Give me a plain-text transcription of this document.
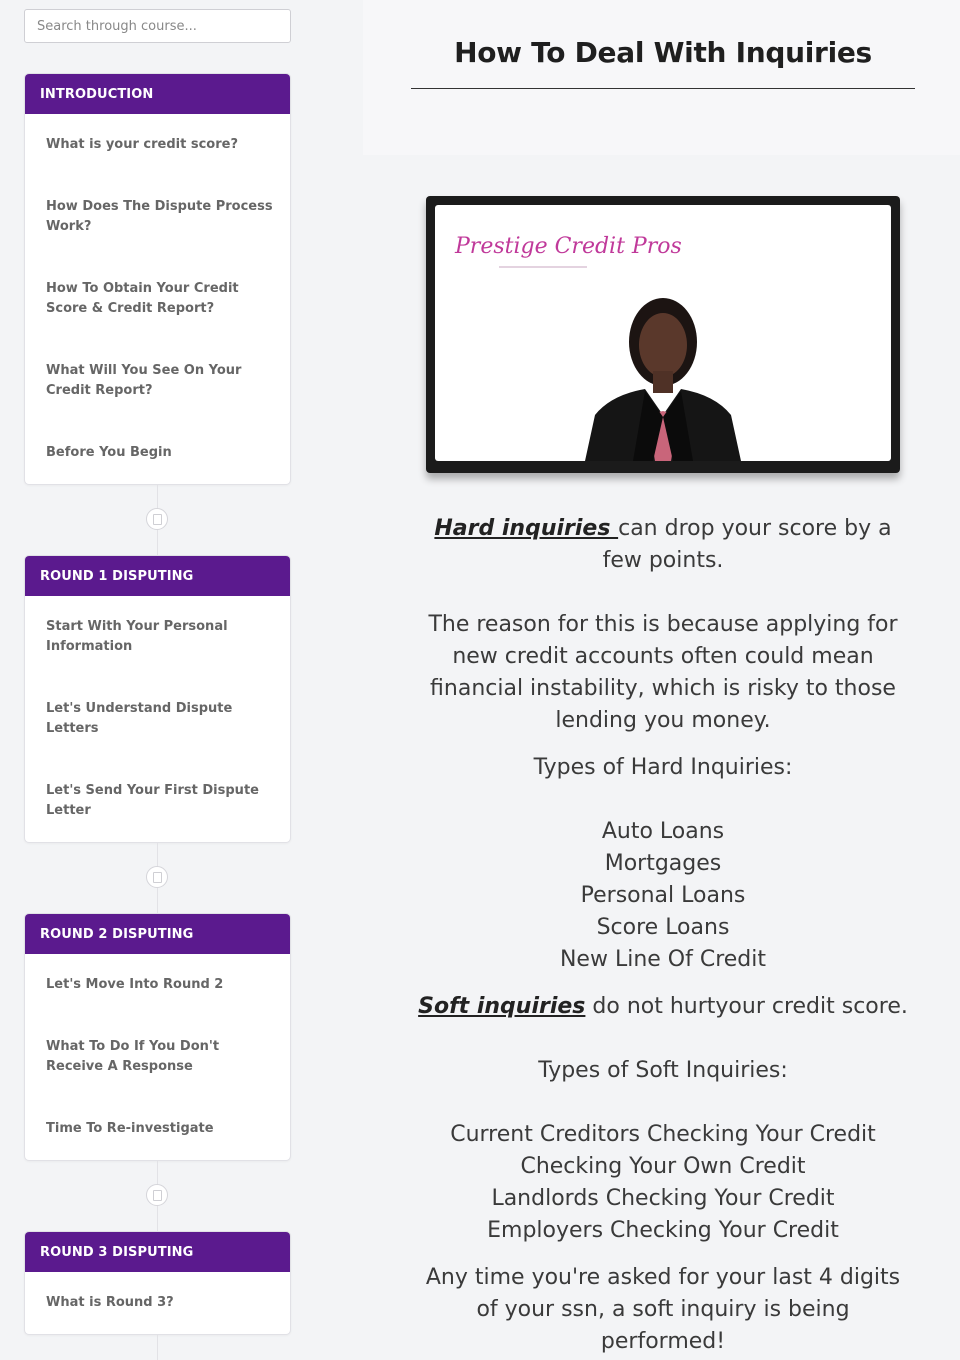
Search through course...
INTRODUCTION
What is your credit score?
How Does The Dispute Process Work?
How To Obtain Your Credit Score & Credit Report?
What Will You See On Your Credit Report?
Before You Begin
ROUND 1 DISPUTING
Start With Your Personal Information
Let's Understand Dispute Letters
Let's Send Your First Dispute Letter
ROUND 2 DISPUTING
Let's Move Into Round 2
What To Do If You Don't Receive A Response
Time To Re-investigate
ROUND 3 DISPUTING
What is Round 3?
How To Deal With Inquiries
Prestige Credit Pros

Hard inquiries can drop your score by a few points.

The reason for this is because applying for new credit accounts often could mean financial instability, which is risky to those lending you money.

Types of Hard Inquiries:

Auto Loans
Mortgages
Personal Loans
Score Loans
New Line Of Credit

Soft inquiries do not hurtyour credit score.

Types of Soft Inquiries:

Current Creditors Checking Your Credit
Checking Your Own Credit
Landlords Checking Your Credit
Employers Checking Your Credit

Any time you're asked for your last 4 digits of your ssn, a soft inquiry is being performed!
